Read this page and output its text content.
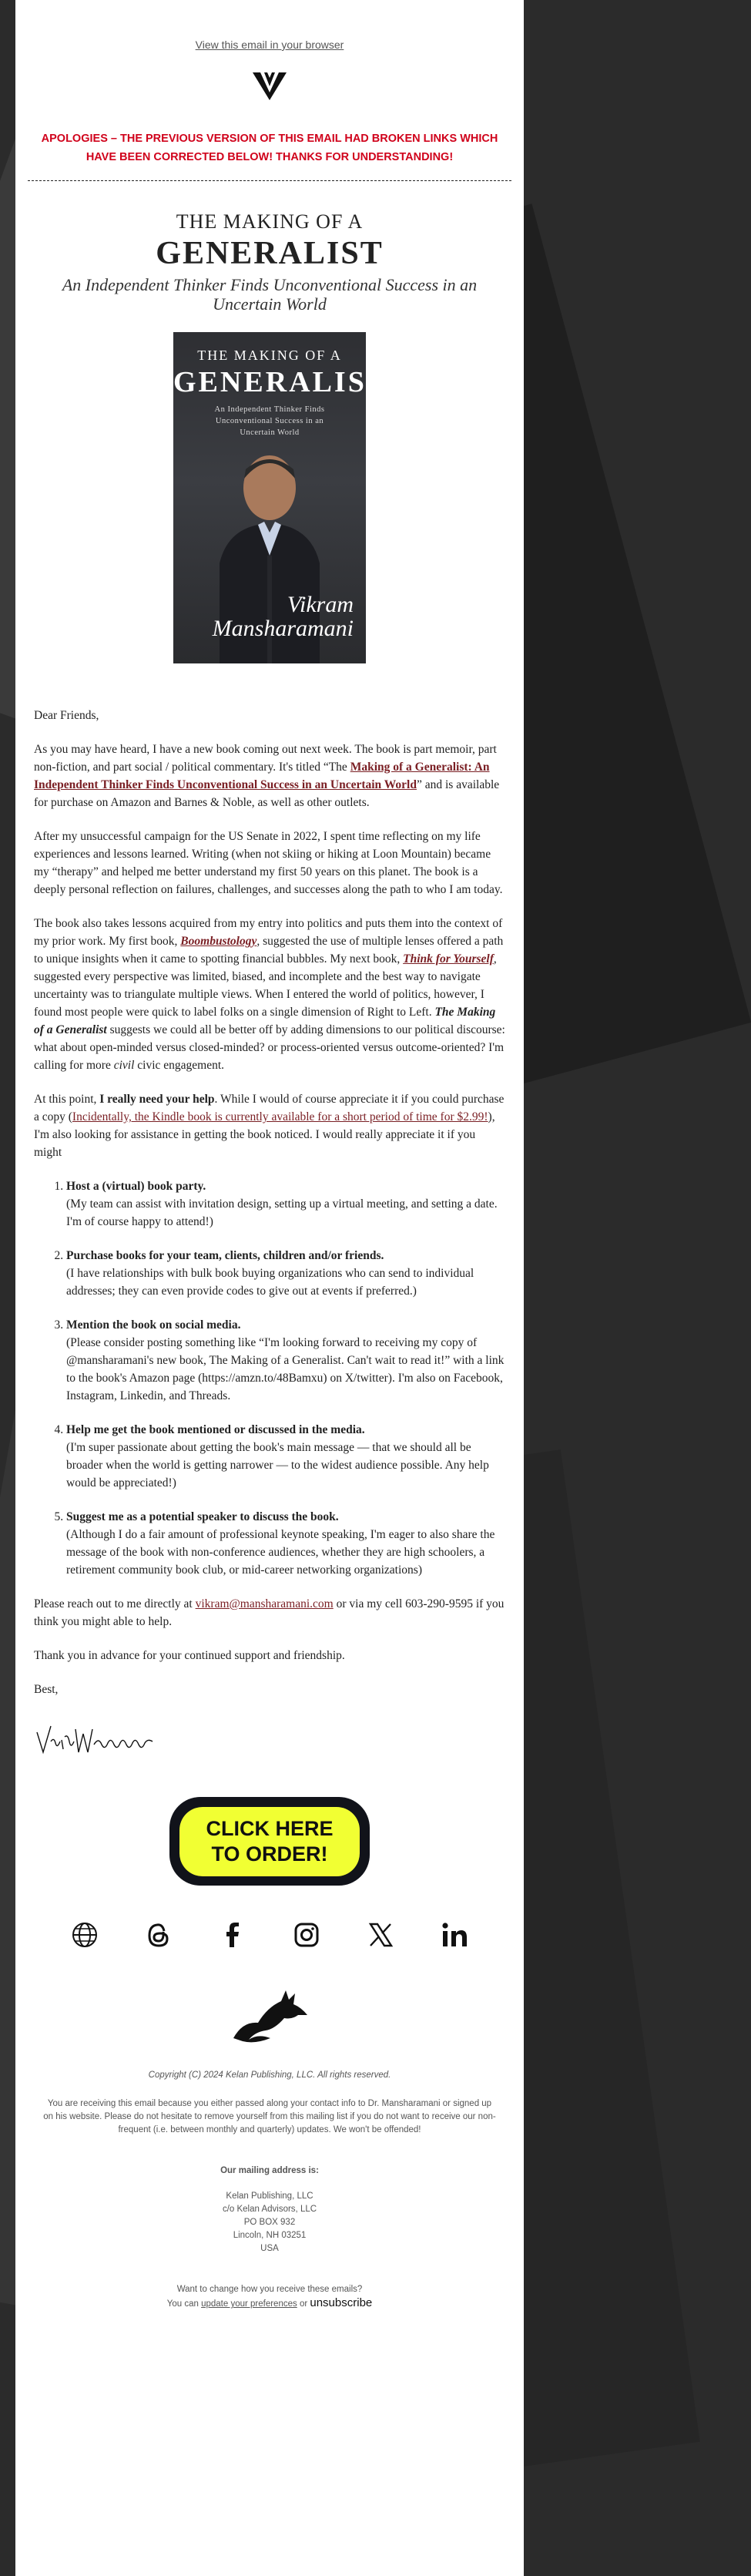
View this email in your browser
APOLOGIES – THE PREVIOUS VERSION OF THIS EMAIL HAD BROKEN LINKS WHICH HAVE BEEN CORRECTED BELOW! THANKS FOR UNDERSTANDING!
THE MAKING OF A
GENERALIST
An Independent Thinker Finds Unconventional Success in an Uncertain World
THE MAKING OF A
GENERALIST
An Independent Thinker Finds Unconventional Success in an Uncertain World
Vikram
Mansharamani

Dear Friends,

As you may have heard, I have a new book coming out next week. The book is part memoir, part non-fiction, and part social / political commentary. It's titled “The Making of a Generalist: An Independent Thinker Finds Unconventional Success in an Uncertain World” and is available for purchase on Amazon and Barnes & Noble, as well as other outlets.

After my unsuccessful campaign for the US Senate in 2022, I spent time reflecting on my life experiences and lessons learned. Writing (when not skiing or hiking at Loon Mountain) became my “therapy” and helped me better understand my first 50 years on this planet. The book is a deeply personal reflection on failures, challenges, and successes along the path to who I am today.

The book also takes lessons acquired from my entry into politics and puts them into the context of my prior work. My first book, Boombustology, suggested the use of multiple lenses offered a path to unique insights when it came to spotting financial bubbles. My next book, Think for Yourself, suggested every perspective was limited, biased, and incomplete and the best way to navigate uncertainty was to triangulate multiple views. When I entered the world of politics, however, I found most people were quick to label folks on a single dimension of Right to Left. The Making of a Generalist suggests we could all be better off by adding dimensions to our political discourse: what about open-minded versus closed-minded? or process-oriented versus outcome-oriented? I'm calling for more civil civic engagement.

At this point, I really need your help. While I would of course appreciate it if you could purchase a copy (Incidentally, the Kindle book is currently available for a short period of time for $2.99!), I'm also looking for assistance in getting the book noticed. I would really appreciate it if you might

1. Host a (virtual) book party.
(My team can assist with invitation design, setting up a virtual meeting, and setting a date. I'm of course happy to attend!)
2. Purchase books for your team, clients, children and/or friends.
(I have relationships with bulk book buying organizations who can send to individual addresses; they can even provide codes to give out at events if preferred.)
3. Mention the book on social media.
(Please consider posting something like “I'm looking forward to receiving my copy of @mansharamani's new book, The Making of a Generalist. Can't wait to read it!” with a link to the book's Amazon page (https://amzn.to/48Bamxu) on X/twitter). I'm also on Facebook, Instagram, Linkedin, and Threads.
4. Help me get the book mentioned or discussed in the media.
(I'm super passionate about getting the book's main message — that we should all be broader when the world is getting narrower — to the widest audience possible. Any help would be appreciated!)
5. Suggest me as a potential speaker to discuss the book.
(Although I do a fair amount of professional keynote speaking, I'm eager to also share the message of the book with non-conference audiences, whether they are high schoolers, a retirement community book club, or mid-career networking organizations)

Please reach out to me directly at vikram@mansharamani.com or via my cell 603-290-9595 if you think you might able to help.

Thank you in advance for your continued support and friendship.

Best,

CLICK HERE
TO ORDER!
Copyright (C) 2024 Kelan Publishing, LLC. All rights reserved.
You are receiving this email because you either passed along your contact info to Dr. Mansharamani or signed up on his website. Please do not hesitate to remove yourself from this mailing list if you do not want to receive our non-frequent (i.e. between monthly and quarterly) updates. We won't be offended!
Our mailing address is:
Kelan Publishing, LLC
c/o Kelan Advisors, LLC
PO BOX 932
Lincoln, NH 03251
USA
Want to change how you receive these emails?
You can update your preferences or unsubscribe
